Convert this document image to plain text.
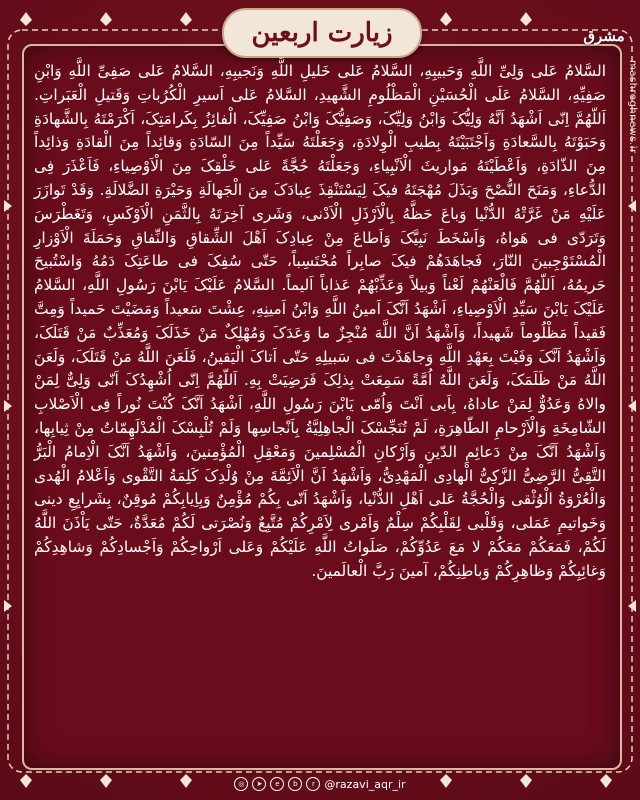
زیارت اربعین	مشرق
mashreghnews.ir
السَّلامُ عَلی وَلِیِّ اللَّهِ وَحَبیبِهِ، السَّلامُ عَلی خَلیلِ اللَّهِ وَنَجیبِهِ، السَّلامُ عَلی صَفِیِّ اللَّهِ وَابْنِ صَفِیِّهِ، السَّلامُ عَلَی الْحُسَیْنِ الْمَظْلُومِ الشَّهیدِ، السَّلامُ عَلی اَسیرِ الْکُرُباتِ وَقَتیلِ الْعَبَراتِ. اَللّهُمَّ اِنّی اَشْهَدُ اَنَّهُ وَلِیُّکَ وَابْنُ وَلِیِّکَ، وَصَفِیُّکَ وَابْنُ صَفِیِّکَ، الْفائِزُ بِکَرامَتِکَ، اَکْرَمْتَهُ بِالشَّهادَةِ وَحَبَوْتَهُ بِالسَّعادَةِ وَاَجْتَبَیْتَهُ بِطیبِ الْوِلادَةِ، وَجَعَلْتَهُ سَیِّداً مِنَ السّادَةِ وَقائِداً مِنَ الْقادَةِ وَذائِداً مِنَ الذّادَةِ، وَاَعْطَیْتَهُ مَواریثَ الْاَنْبِیاءِ، وَجَعَلْتَهُ حُجَّةً عَلی خَلْقِکَ مِنَ الْاَوْصِیاءِ، فَاَعْذَرَ فِی الدُّعاءِ، وَمَنَحَ النُّصْحَ وَبَذَلَ مُهْجَتَهُ فیکَ لِیَسْتَنْقِذَ عِبادَکَ مِنَ الْجَهالَةِ وَحَیْرَةِ الضَّلالَةِ. وَقَدْ تَوازَرَ عَلَیْهِ مَنْ غَرَّتْهُ الدُّنْیا وَباعَ حَظَّهُ بِالْاَرْذَلِ الْاَدْنی، وَشَری آخِرَتَهُ بِالثَّمَنِ الْاَوْکَسِ، وَتَغَطْرَسَ وَتَرَدّی فی هَواهُ، وَاَسْخَطَ نَبِیَّکَ وَاَطاعَ مِنْ عِبادِکَ اَهْلَ الشِّقاقِ وَالنِّفاقِ وَحَمَلَةَ الْاَوْزارِ الْمُسْتَوْجِبینَ النّارَ، فَجاهَدَهُمْ فیکَ صابِراً مُحْتَسِباً، حَتّی سُفِکَ فی طاعَتِکَ دَمُهُ وَاسْتُبیحَ حَریمُهُ، اَللّهُمَّ فَالْعَنْهُمْ لَعْناً وَبیلاً وَعَذِّبْهُمْ عَذاباً اَلیماً. السَّلامُ عَلَیْکَ یَابْنَ رَسُولِ اللَّهِ، السَّلامُ عَلَیْکَ یَابْنَ سَیِّدِ الْاَوْصِیاءِ، اَشْهَدُ اَنَّکَ اَمینُ اللَّهِ وَابْنُ اَمینِهِ، عِشْتَ سَعیداً وَمَضَیْتَ حَمیداً وَمِتَّ فَقیداً مَظْلُوماً شَهیداً، وَاَشْهَدُ اَنَّ اللَّهَ مُنْجِزٌ ما وَعَدَکَ وَمُهْلِکٌ مَنْ خَذَلَکَ وَمُعَذِّبٌ مَنْ قَتَلَکَ، وَاَشْهَدُ اَنَّکَ وَفَیْتَ بِعَهْدِ اللَّهِ وَجاهَدْتَ فی سَبیلِهِ حَتّی اَتاکَ الْیَقینُ، فَلَعَنَ اللَّهُ مَنْ قَتَلَکَ، وَلَعَنَ اللَّهُ مَنْ ظَلَمَکَ، وَلَعَنَ اللَّهُ اُمَّةً سَمِعَتْ بِذلِکَ فَرَضِیَتْ بِهِ. اَللّهُمَّ اِنّی اُشْهِدُکَ اَنّی وَلِیٌّ لِمَنْ والاهُ وَعَدُوٌّ لِمَنْ عاداهُ، بِاَبی اَنْتَ وَاُمّی یَابْنَ رَسُولِ اللَّهِ، اَشْهَدُ اَنَّکَ کُنْتَ نُوراً فِی الْاَصْلابِ الشّامِخَةِ وَالْاَرْحامِ الطّاهِرَةِ، لَمْ تُنَجِّسْکَ الْجاهِلِیَّةُ بِاَنْجاسِها وَلَمْ تُلْبِسْکَ الْمُدْلَهِمّاتُ مِنْ ثِیابِها، وَاَشْهَدُ اَنَّکَ مِنْ دَعائِمِ الدّینِ وَاَرْکانِ الْمُسْلِمینَ وَمَعْقِلِ الْمُؤْمِنینَ، وَاَشْهَدُ اَنَّکَ الْاِمامُ الْبَرُّ التَّقِیُّ الرَّضِیُّ الزَّکِیُّ الْهادِی الْمَهْدِیُّ، وَاَشْهَدُ اَنَّ الْاَئِمَّةَ مِنْ وُلْدِکَ کَلِمَةُ التَّقْوی وَاَعْلامُ الْهُدی وَالْعُرْوَةُ الْوُثْقی وَالْحُجَّةُ عَلی اَهْلِ الدُّنْیا، وَاَشْهَدُ اَنّی بِکُمْ مُؤْمِنٌ وَبِاِیابِکُمْ مُوقِنٌ، بِشَرایِعِ دینی وَخَواتیمِ عَمَلی، وَقَلْبی لِقَلْبِکُمْ سِلْمٌ وَاَمْری لِاَمْرِکُمْ مُتَّبِعٌ وَنُصْرَتی لَکُمْ مُعَدَّةٌ، حَتّی یَاْذَنَ اللَّهُ لَکُمْ، فَمَعَکُمْ مَعَکُمْ لا مَعَ عَدُوِّکُمْ، صَلَواتُ اللَّهِ عَلَیْکُمْ وَعَلی اَرْواحِکُمْ وَاَجْسادِکُمْ وَشاهِدِکُمْ وَغائِبِکُمْ وَظاهِرِکُمْ وَباطِنِکُمْ، آمینَ رَبَّ الْعالَمینَ.
◎	➤	e	b	r @razavi_aqr_ir
